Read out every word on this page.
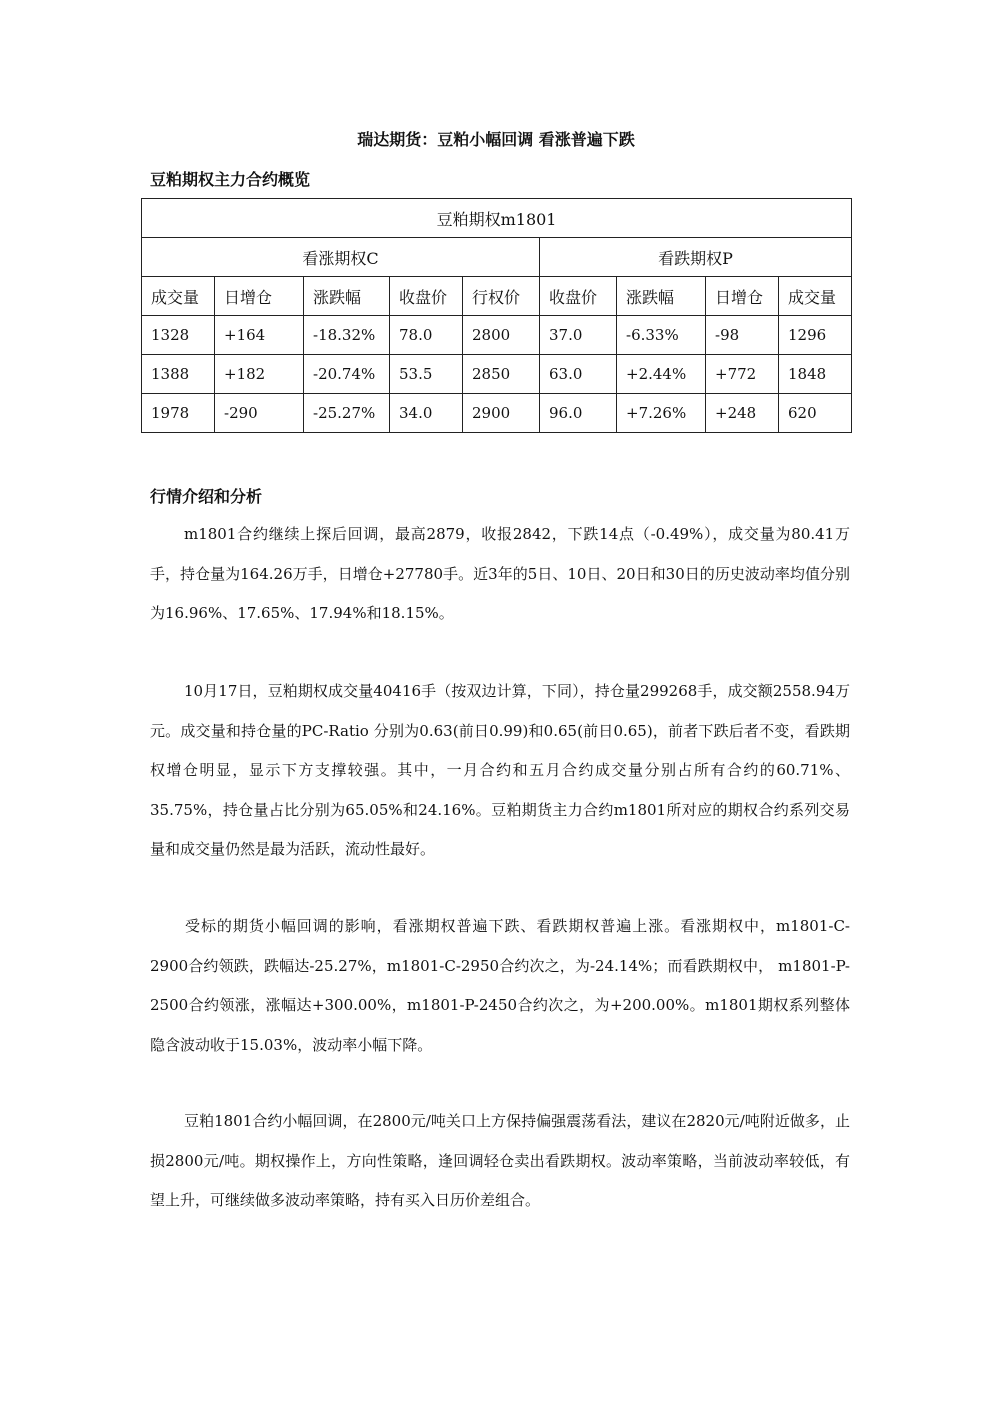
瑞达期货：豆粕小幅回调 看涨普遍下跌
豆粕期权主力合约概览
豆粕期权m1801								
看涨期权C					看跌期权P			
成交量	日增仓	涨跌幅	收盘价	行权价	收盘价	涨跌幅	日增仓	成交量
1328	+164	-18.32%	78.0	2800	37.0	-6.33%	-98	1296
1388	+182	-20.74%	53.5	2850	63.0	+2.44%	+772	1848
1978	-290	-25.27%	34.0	2900	96.0	+7.26%	+248	620
行情介绍和分析

m1801合约继续上探后回调，最高2879，收报2842，下跌14点（-0.49%），成交量为80.41万手，持仓量为164.26万手，日增仓+27780手。近3年的5日、10日、20日和30日的历史波动率均值分别为16.96%、17.65%、17.94%和18.15%。

10月17日，豆粕期权成交量40416手（按双边计算，下同），持仓量299268手，成交额2558.94万元。成交量和持仓量的PC-Ratio 分别为0.63(前日0.99)和0.65(前日0.65)，前者下跌后者不变，看跌期权增仓明显，显示下方支撑较强。其中，一月合约和五月合约成交量分别占所有合约的60.71%、35.75%，持仓量占比分别为65.05%和24.16%。豆粕期货主力合约m1801所对应的期权合约系列交易量和成交量仍然是最为活跃，流动性最好。

受标的期货小幅回调的影响，看涨期权普遍下跌、看跌期权普遍上涨。看涨期权中，m1801-C-2900合约领跌，跌幅达-25.27%，m1801-C-2950合约次之，为-24.14%；而看跌期权中， m1801-P-2500合约领涨，涨幅达+300.00%，m1801-P-2450合约次之，为+200.00%。m1801期权系列整体隐含波动收于15.03%，波动率小幅下降。

豆粕1801合约小幅回调，在2800元/吨关口上方保持偏强震荡看法，建议在2820元/吨附近做多，止损2800元/吨。期权操作上，方向性策略，逢回调轻仓卖出看跌期权。波动率策略，当前波动率较低，有望上升，可继续做多波动率策略，持有买入日历价差组合。
